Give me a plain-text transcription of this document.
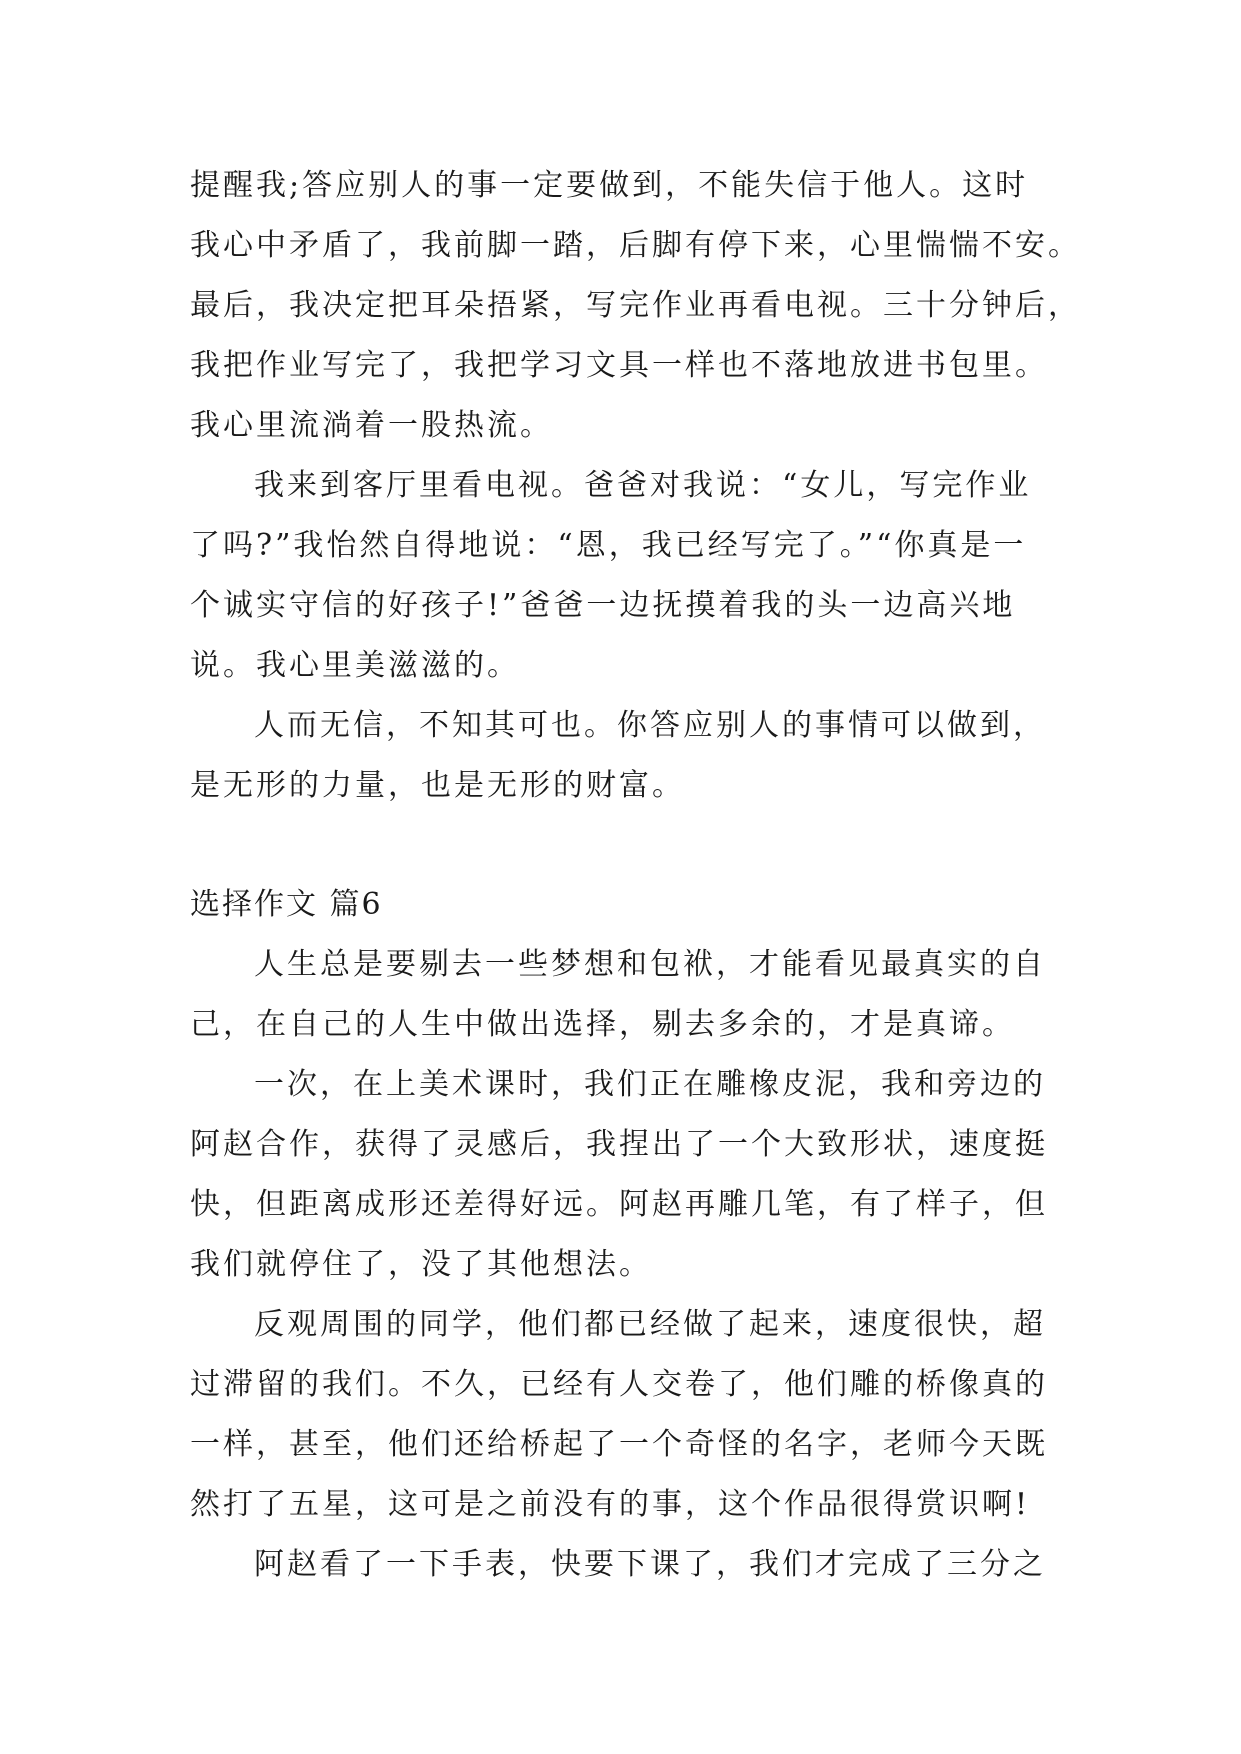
提醒我;答应别人的事一定要做到，不能失信于他人。这时
我心中矛盾了，我前脚一踏，后脚有停下来，心里惴惴不安。
最后，我决定把耳朵捂紧，写完作业再看电视。三十分钟后，
我把作业写完了，我把学习文具一样也不落地放进书包里。
我心里流淌着一股热流。
我来到客厅里看电视。爸爸对我说：“女儿，写完作业
了吗?”我怡然自得地说：“恩，我已经写完了。”“你真是一
个诚实守信的好孩子!”爸爸一边抚摸着我的头一边高兴地
说。我心里美滋滋的。
人而无信，不知其可也。你答应别人的事情可以做到，
是无形的力量，也是无形的财富。
选择作文 篇6
人生总是要剔去一些梦想和包袱，才能看见最真实的自
己，在自己的人生中做出选择，剔去多余的，才是真谛。
一次，在上美术课时，我们正在雕橡皮泥，我和旁边的
阿赵合作，获得了灵感后，我捏出了一个大致形状，速度挺
快，但距离成形还差得好远。阿赵再雕几笔，有了样子，但
我们就停住了，没了其他想法。
反观周围的同学，他们都已经做了起来，速度很快，超
过滞留的我们。不久，已经有人交卷了，他们雕的桥像真的
一样，甚至，他们还给桥起了一个奇怪的名字，老师今天既
然打了五星，这可是之前没有的事，这个作品很得赏识啊!
阿赵看了一下手表，快要下课了，我们才完成了三分之
